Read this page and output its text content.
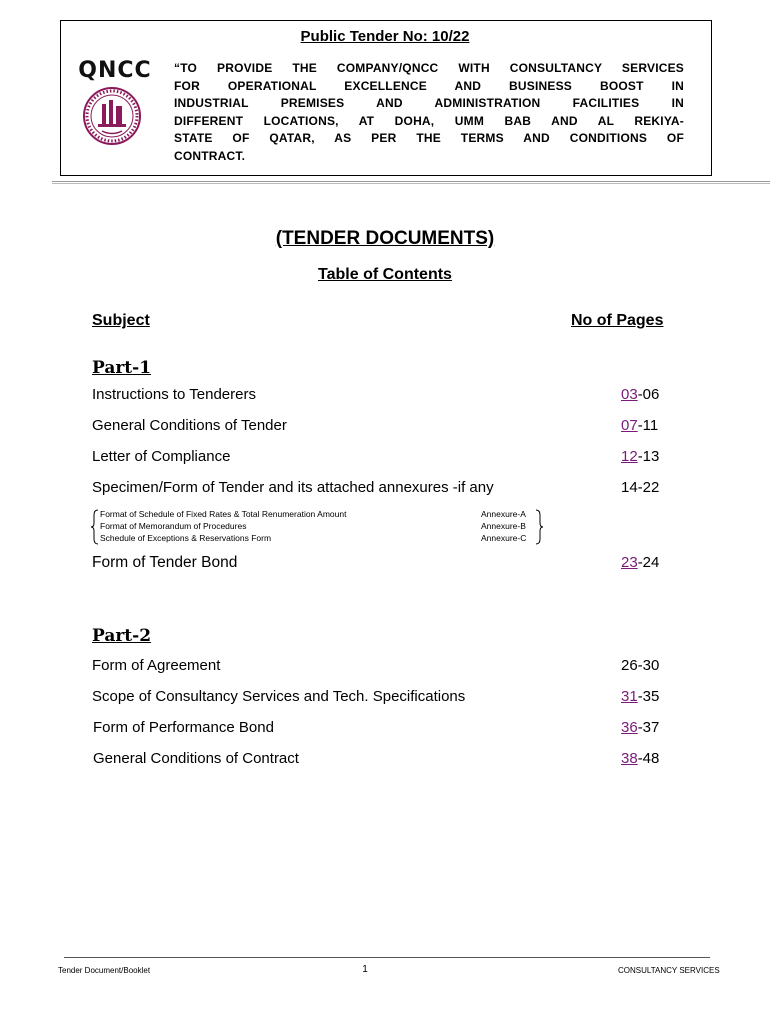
Public Tender No: 10/22
QNCC	“TO PROVIDE THE COMPANY/QNCC WITH CONSULTANCY SERVICES
FOR OPERATIONAL EXCELLENCE AND BUSINESS BOOST IN
INDUSTRIAL PREMISES AND ADMINISTRATION FACILITIES IN
DIFFERENT LOCATIONS, AT DOHA, UMM BAB AND AL REKIYA-
STATE OF QATAR, AS PER THE TERMS AND CONDITIONS OF
CONTRACT.
(TENDER DOCUMENTS)
Table of Contents
Subject	No of Pages
Part-1
Instructions to Tenderers	03-06
General Conditions of Tender	07-11
Letter of Compliance	12-13
Specimen/Form of Tender and its attached annexures -if any	14-22
Format of Schedule of Fixed Rates & Total Renumeration Amount	Annexure-A
Format of Memorandum of Procedures	Annexure-B
Schedule of Exceptions & Reservations Form	Annexure-C
Form of Tender Bond	23-24
Part-2
Form of Agreement	26-30
Scope of Consultancy Services and Tech. Specifications	31-35
Form of Performance Bond	36-37
General Conditions of Contract	38-48
Tender Document/Booklet	1	CONSULTANCY SERVICES
